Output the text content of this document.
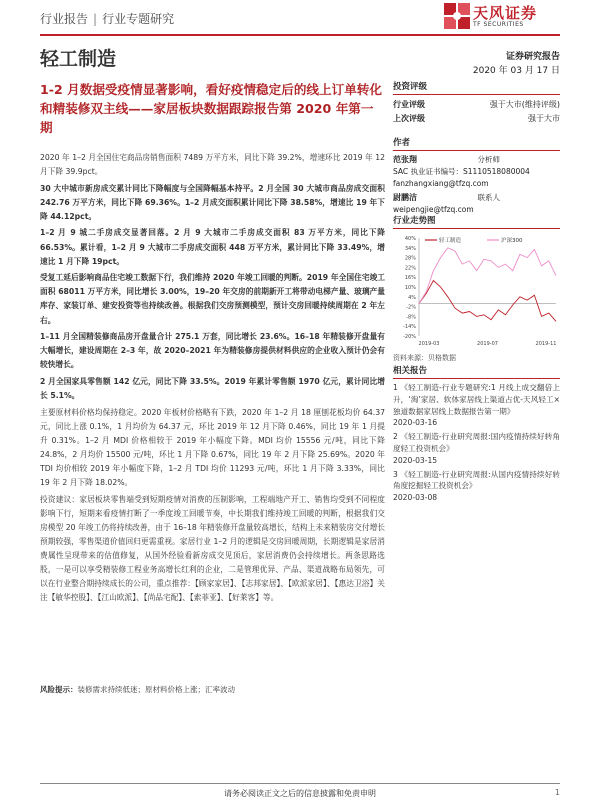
行业报告 | 行业专题研究	天风证券
TF SECURITIES
轻工制造	证券研究报告
2020 年 03 月 17 日
1-2 月数据受疫情显著影响，看好疫情稳定后的线上订单转化和精装修双主线——家居板块数据跟踪报告第 2020 年第一期

2020 年 1–2 月全国住宅商品房销售面积 7489 万平方米，同比下降 39.2%，增速环比 2019 年 12 月下降 39.9pct。

30 大中城市新房成交累计同比下降幅度与全国降幅基本持平。2 月全国 30 大城市商品房成交面积 242.76 万平方米，同比下降 69.36%。1–2 月成交面积累计同比下降 38.58%，增速比 19 年下降 44.12pct。

1–2 月 9 城二手房成交显著回落。2 月 9 大城市二手房成交面积 83 万平方米，同比下降 66.53%。累计看，1–2 月 9 大城市二手房成交面积 448 万平方米，累计同比下降 33.49%，增速比 1 月下降 19pct。

受复工延后影响商品住宅竣工数据下行，我们维持 2020 年竣工回暖的判断。2019 年全国住宅竣工面积 68011 万平方米，同比增长 3.00%，19–20 年交房的前期新开工将带动电梯产量、玻璃产量库存、家装订单、建安投资等也持续改善。根据我们交房预测模型，预计交房回暖持续周期在 2 年左右。

1–11 月全国精装修商品房开盘量合计 275.1 万套，同比增长 23.6%。16–18 年精装修开盘量有大幅增长，建设周期在 2–3 年，故 2020–2021 年为精装修房提供材料供应的企业收入预计仍会有较快增长。

2 月全国家具零售额 142 亿元，同比下降 33.5%。2019 年累计零售额 1970 亿元，累计同比增长 5.1%。

主要原材料价格均保持稳定。2020 年板材价格略有下跌，2020 年 1–2 月 18 厘刨花板均价 64.37 元，同比上涨 0.1%，1 月均价为 64.37 元，环比 2019 年 12 月下降 0.46%，同比 19 年 1 月提升 0.31%。1–2 月 MDI 价格相较于 2019 年小幅度下降。MDI 均价 15556 元/吨，同比下降 24.8%，2 月均价 15500 元/吨，环比 1 月下降 0.67%，同比 19 年 2 月下降 25.69%。2020 年 TDI 均价相较 2019 年小幅度下降，1–2 月 TDI 均价 11293 元/吨，环比 1 月下降 3.33%，同比 19 年 2 月下降 18.02%。

投资建议：家居板块零售端受到短期疫情对消费的压制影响，工程端地产开工、销售均受到不同程度影响下行，短期来看疫情打断了一季度竣工回暖节奏，中长期我们维持竣工回暖的判断，根据我们交房模型 20 年竣工仍将持续改善，由于 16–18 年精装修开盘量较高增长，结构上未来精装房交付增长预期较强，零售渠道价值回归更需重视。家居行业 1–2 月的逻辑是交房回暖周期，长期逻辑是家居消费属性呈现带来的估值修复，从国外经验看新房成交见顶后，家居消费仍会持续增长。两条思路选股，一是可以享受精装修工程业务高增长红利的企业，二是管理优异、产品、渠道战略布局领先，可以在行业整合期持续成长的公司，重点推荐：【顾家家居】、【志邦家居】、【欧派家居】、【惠达卫浴】关注【敏华控股】、【江山欧派】、【尚品宅配】、【索菲亚】、【好莱客】等。

风险提示：装修需求持续低迷；原材料价格上涨；汇率波动
投资评级
行业评级	强于大市(维持评级)
上次评级	强于大市
作者
范张翔	分析师
SAC 执业证书编号：S1110518080004
fanzhangxiang@tfzq.com
尉鹏洁	联系人
weipengjie@tfzq.com
行业走势图
40%
34%
28%
22%
16%
10%
4%
-2%
-8%
-14%
-20%
2019-03	2019-07	2019-11
轻工制造	沪深300
资料来源：贝格数据
相关报告
1 《轻工制造-行业专题研究:1 月线上成交翻倍上升，‘淘’家居、软体家居线上渠道占优-天风轻工×独道数据家居线上数据报告第一期》
2020-03-16
2 《轻工制造-行业研究周报:国内疫情持续好转角度轻工投资机会》
2020-03-15
3 《轻工制造-行业研究周报:从国内疫情持续好转角度挖掘轻工投资机会》
2020-03-08
请务必阅读正文之后的信息披露和免责申明	1
